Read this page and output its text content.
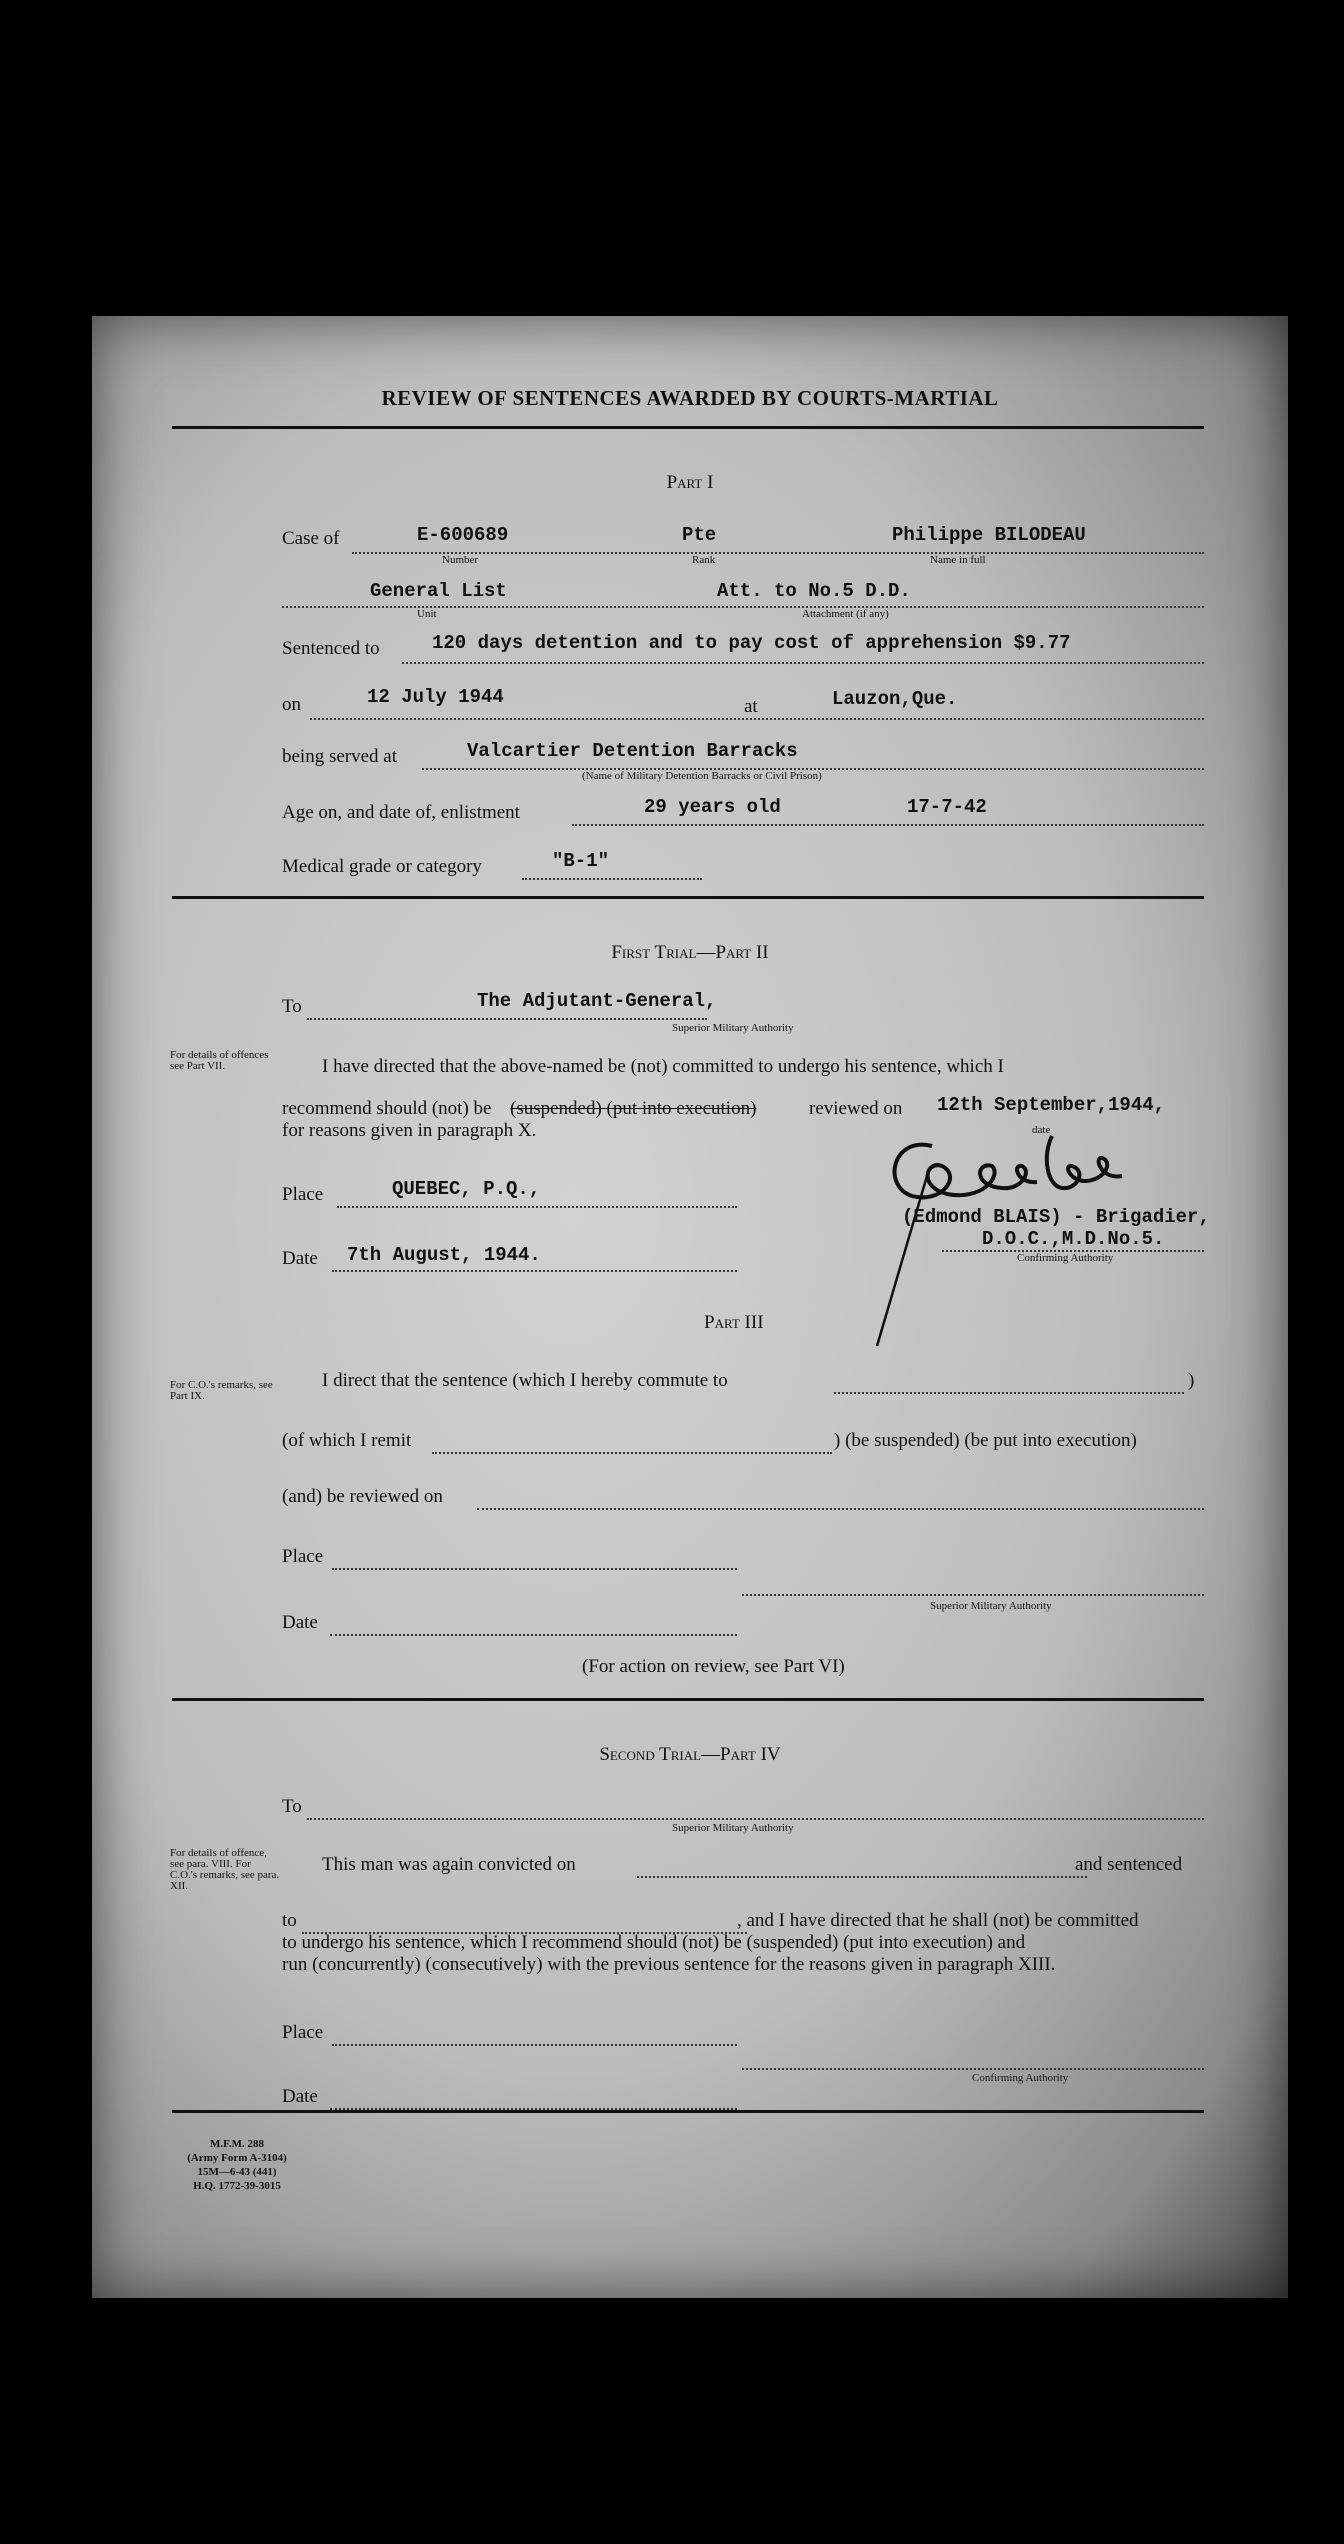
REVIEW OF SENTENCES AWARDED BY COURTS-MARTIAL
Part I
Case of	E-600689
Number
Pte
Rank
Philippe BILODEAU
Name in full
General List
Unit
Att. to No.5 D.D.
Attachment (if any)
Sentenced to	120 days detention and to pay cost of apprehension $9.77
on	12 July 1944	at	Lauzon,Que.
being served at	Valcartier Detention Barracks
(Name of Military Detention Barracks or Civil Prison)
Age on, and date of, enlistment	29 years old	17-7-42
Medical grade or category	"B-1"
First Trial—Part II
To	The Adjutant-General,
Superior Military Authority
For details of offences see Part VII.	I have directed that the above-named be (not) committed to undergo his sentence, which I
recommend should (not) be (suspended) (put into execution)	reviewed on 12th September,1944,
date
for reasons given in paragraph X.
Place	QUEBEC, P.Q.,
Date 7th August, 1944.
(Edmond BLAIS) - Brigadier,
D.O.C.,M.D.No.5.
Confirming Authority
Part III
For C.O.'s remarks, see Part IX.
I direct that the sentence (which I hereby commute to	)
(of which I remit	) (be suspended) (be put into execution)
(and) be reviewed on
Place
Superior Military Authority
Date
(For action on review, see Part VI)
Second Trial—Part IV
To
Superior Military Authority
For details of offence, see para. VIII. For C.O.'s remarks, see para. XII.
This man was again convicted on	and sentenced
to	, and I have directed that he shall (not) be committed
to undergo his sentence, which I recommend should (not) be (suspended) (put into execution) and
run (concurrently) (consecutively) with the previous sentence for the reasons given in paragraph XIII.
Place
Confirming Authority
Date
M.F.M. 288
(Army Form A-3104)
15M—6-43 (441)
H.Q. 1772-39-3015
